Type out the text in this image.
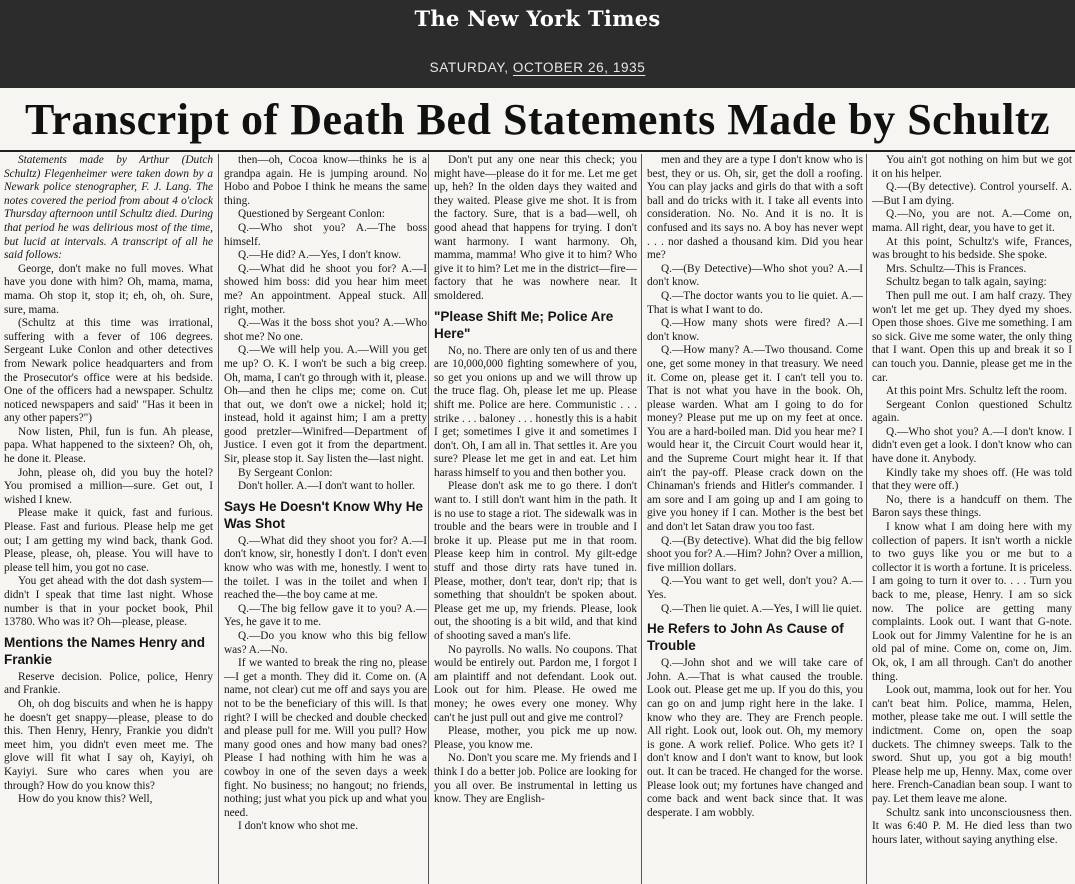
The New York Times
SATURDAY, OCTOBER 26, 1935
Transcript of Death Bed Statements Made by Schultz

Statements made by Arthur (Dutch Schultz) Flegenheimer were taken down by a Newark police stenographer, F. J. Lang. The notes covered the period from about 4 o'clock Thursday afternoon until Schultz died. During that period he was delirious most of the time, but lucid at intervals. A transcript of all he said follows:

George, don't make no full moves. What have you done with him? Oh, mama, mama, mama. Oh stop it, stop it; eh, oh, oh. Sure, sure, mama.

(Schultz at this time was irrational, suffering with a fever of 106 degrees. Sergeant Luke Conlon and other detectives from Newark police headquarters and from the Prosecutor's office were at his bedside. One of the officers had a newspaper. Schultz noticed newspapers and said' "Has it been in any other papers?")

Now listen, Phil, fun is fun. Ah please, papa. What happened to the sixteen? Oh, oh, he done it. Please.

John, please oh, did you buy the hotel? You promised a million—sure. Get out, I wished I knew.

Please make it quick, fast and furious. Please. Fast and furious. Please help me get out; I am getting my wind back, thank God. Please, please, oh, please. You will have to please tell him, you got no case.

You get ahead with the dot dash system—didn't I speak that time last night. Whose number is that in your pocket book, Phil 13780. Who was it? Oh—please, please.

Mentions the Names Henry and Frankie

Reserve decision. Police, police, Henry and Frankie.

Oh, oh dog biscuits and when he is happy he doesn't get snappy—please, please to do this. Then Henry, Henry, Frankie you didn't meet him, you didn't even meet me. The glove will fit what I say oh, Kayiyi, oh Kayiyi. Sure who cares when you are through? How do you know this?

How do you know this? Well,

then—oh, Cocoa know—thinks he is a grandpa again. He is jumping around. No Hobo and Poboe I think he means the same thing.

Questioned by Sergeant Conlon:

Q.—Who shot you? A.—The boss himself.

Q.—He did? A.—Yes, I don't know.

Q.—What did he shoot you for? A.—I showed him boss: did you hear him meet me? An appointment. Appeal stuck. All right, mother.

Q.—Was it the boss shot you? A.—Who shot me? No one.

Q.—We will help you. A.—Will you get me up? O. K. I won't be such a big creep. Oh, mama, I can't go through with it, please. Oh—and then he clips me; come on. Cut that out, we don't owe a nickel; hold it; instead, hold it against him; I am a pretty good pretzler—Winifred—Department of Justice. I even got it from the department. Sir, please stop it. Say listen the—last night.

By Sergeant Conlon:

Don't holler. A.—I don't want to holler.

Says He Doesn't Know Why He Was Shot

Q.—What did they shoot you for? A.—I don't know, sir, honestly I don't. I don't even know who was with me, honestly. I went to the toilet. I was in the toilet and when I reached the—the boy came at me.

Q.—The big fellow gave it to you? A.—Yes, he gave it to me.

Q.—Do you know who this big fellow was? A.—No.

If we wanted to break the ring no, please—I get a month. They did it. Come on. (A name, not clear) cut me off and says you are not to be the beneficiary of this will. Is that right? I will be checked and double checked and please pull for me. Will you pull? How many good ones and how many bad ones? Please I had nothing with him he was a cowboy in one of the seven days a week fight. No business; no hangout; no friends, nothing; just what you pick up and what you need.

I don't know who shot me.

Don't put any one near this check; you might have—please do it for me. Let me get up, heh? In the olden days they waited and they waited. Please give me shot. It is from the factory. Sure, that is a bad—well, oh good ahead that happens for trying. I don't want harmony. I want harmony. Oh, mamma, mamma! Who give it to him? Who give it to him? Let me in the district—fire—factory that he was nowhere near. It smoldered.

"Please Shift Me; Police Are Here"

No, no. There are only ten of us and there are 10,000,000 fighting somewhere of you, so get you onions up and we will throw up the truce flag. Oh, please let me up. Please shift me. Police are here. Communistic . . . strike . . . baloney . . . honestly this is a habit I get; sometimes I give it and sometimes I don't. Oh, I am all in. That settles it. Are you sure? Please let me get in and eat. Let him harass himself to you and then bother you.

Please don't ask me to go there. I don't want to. I still don't want him in the path. It is no use to stage a riot. The sidewalk was in trouble and the bears were in trouble and I broke it up. Please put me in that room. Please keep him in control. My gilt-edge stuff and those dirty rats have tuned in. Please, mother, don't tear, don't rip; that is something that shouldn't be spoken about. Please get me up, my friends. Please, look out, the shooting is a bit wild, and that kind of shooting saved a man's life.

No payrolls. No walls. No coupons. That would be entirely out. Pardon me, I forgot I am plaintiff and not defendant. Look out. Look out for him. Please. He owed me money; he owes every one money. Why can't he just pull out and give me control?

Please, mother, you pick me up now. Please, you know me.

No. Don't you scare me. My friends and I think I do a better job. Police are looking for you all over. Be instrumental in letting us know. They are English-

men and they are a type I don't know who is best, they or us. Oh, sir, get the doll a roofing. You can play jacks and girls do that with a soft ball and do tricks with it. I take all events into consideration. No. No. And it is no. It is confused and its says no. A boy has never wept . . . nor dashed a thousand kim. Did you hear me?

Q.—(By Detective)—Who shot you? A.—I don't know.

Q.—The doctor wants you to lie quiet. A.—That is what I want to do.

Q.—How many shots were fired? A.—I don't know.

Q.—How many? A.—Two thousand. Come one, get some money in that treasury. We need it. Come on, please get it. I can't tell you to. That is not what you have in the book. Oh, please warden. What am I going to do for money? Please put me up on my feet at once. You are a hard-boiled man. Did you hear me? I would hear it, the Circuit Court would hear it, and the Supreme Court might hear it. If that ain't the pay-off. Please crack down on the Chinaman's friends and Hitler's commander. I am sore and I am going up and I am going to give you honey if I can. Mother is the best bet and don't let Satan draw you too fast.

Q.—(By detective). What did the big fellow shoot you for? A.—Him? John? Over a million, five million dollars.

Q.—You want to get well, don't you? A.—Yes.

Q.—Then lie quiet. A.—Yes, I will lie quiet.

He Refers to John As Cause of Trouble

Q.—John shot and we will take care of John. A.—That is what caused the trouble. Look out. Please get me up. If you do this, you can go on and jump right here in the lake. I know who they are. They are French people. All right. Look out, look out. Oh, my memory is gone. A work relief. Police. Who gets it? I don't know and I don't want to know, but look out. It can be traced. He changed for the worse. Please look out; my fortunes have changed and come back and went back since that. It was desperate. I am wobbly.

You ain't got nothing on him but we got it on his helper.

Q.—(By detective). Control yourself. A.—But I am dying.

Q.—No, you are not. A.—Come on, mama. All right, dear, you have to get it.

At this point, Schultz's wife, Frances, was brought to his bedside. She spoke.

Mrs. Schultz—This is Frances.

Schultz began to talk again, saying:

Then pull me out. I am half crazy. They won't let me get up. They dyed my shoes. Open those shoes. Give me something. I am so sick. Give me some water, the only thing that I want. Open this up and break it so I can touch you. Dannie, please get me in the car.

At this point Mrs. Schultz left the room.

Sergeant Conlon questioned Schultz again.

Q.—Who shot you? A.—I don't know. I didn't even get a look. I don't know who can have done it. Anybody.

Kindly take my shoes off. (He was told that they were off.)

No, there is a handcuff on them. The Baron says these things.

I know what I am doing here with my collection of papers. It isn't worth a nickle to two guys like you or me but to a collector it is worth a fortune. It is priceless. I am going to turn it over to. . . . Turn you back to me, please, Henry. I am so sick now. The police are getting many complaints. Look out. I want that G-note. Look out for Jimmy Valentine for he is an old pal of mine. Come on, come on, Jim. Ok, ok, I am all through. Can't do another thing.

Look out, mamma, look out for her. You can't beat him. Police, mamma, Helen, mother, please take me out. I will settle the indictment. Come on, open the soap duckets. The chimney sweeps. Talk to the sword. Shut up, you got a big mouth! Please help me up, Henny. Max, come over here. French-Canadian bean soup. I want to pay. Let them leave me alone.

Schultz sank into unconsciousness then. It was 6:40 P. M. He died less than two hours later, without saying anything else.
